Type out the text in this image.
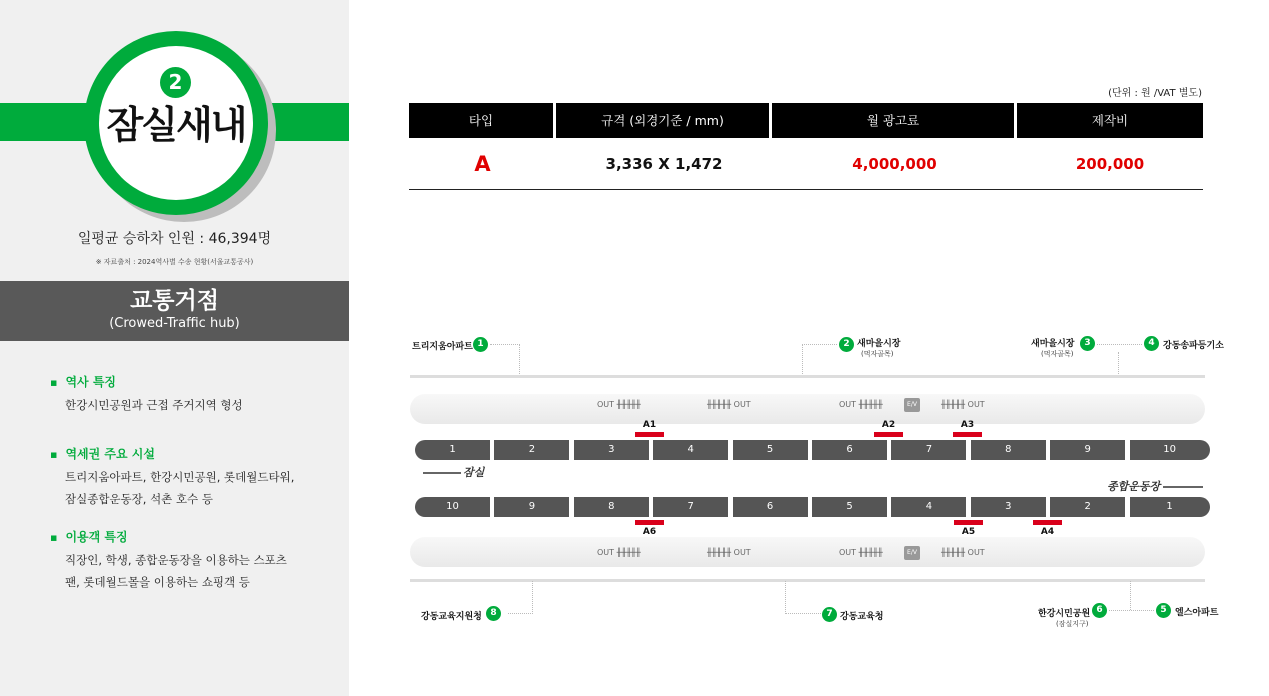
2
잠실새내
일평균 승하차 인원 : 46,394명
※ 자료출처 : 2024역사별 수송 현황(서울교통공사)
교통거점
(Crowed-Traffic hub)
▪ 역사 특징
한강시민공원과 근접 주거지역 형성
▪ 역세권 주요 시설
트리지움아파트, 한강시민공원, 롯데월드타워,
잠실종합운동장, 석촌 호수 등
▪ 이용객 특징
직장인, 학생, 종합운동장을 이용하는 스포츠
팬, 롯데월드몰을 이용하는 쇼핑객 등
(단위 : 원 /VAT 별도)
타입	규격 (외경기준 / mm)	월 광고료	제작비
A	3,336 X 1,472	4,000,000	200,000
트리지움아파트 1	2 새마을시장
(먹자골목)
새마을시장
(먹자골목)
3	4 강동송파등기소
OUT ╫╫╫╫╫	╫╫╫╫╫ OUT	OUT ╫╫╫╫╫	E/V	╫╫╫╫╫ OUT
A1	A2	A3
1	2	3	4	5	6	7	8	9	10
잠실
종합운동장
10	9	8	7	6	5	4	3	2	1
A6	A5	A4
OUT ╫╫╫╫╫	╫╫╫╫╫ OUT	OUT ╫╫╫╫╫	E/V	╫╫╫╫╫ OUT
강동교육지원청 8	7 강동교육청	한강시민공원
(잠실지구)
6	5 엘스아파트
